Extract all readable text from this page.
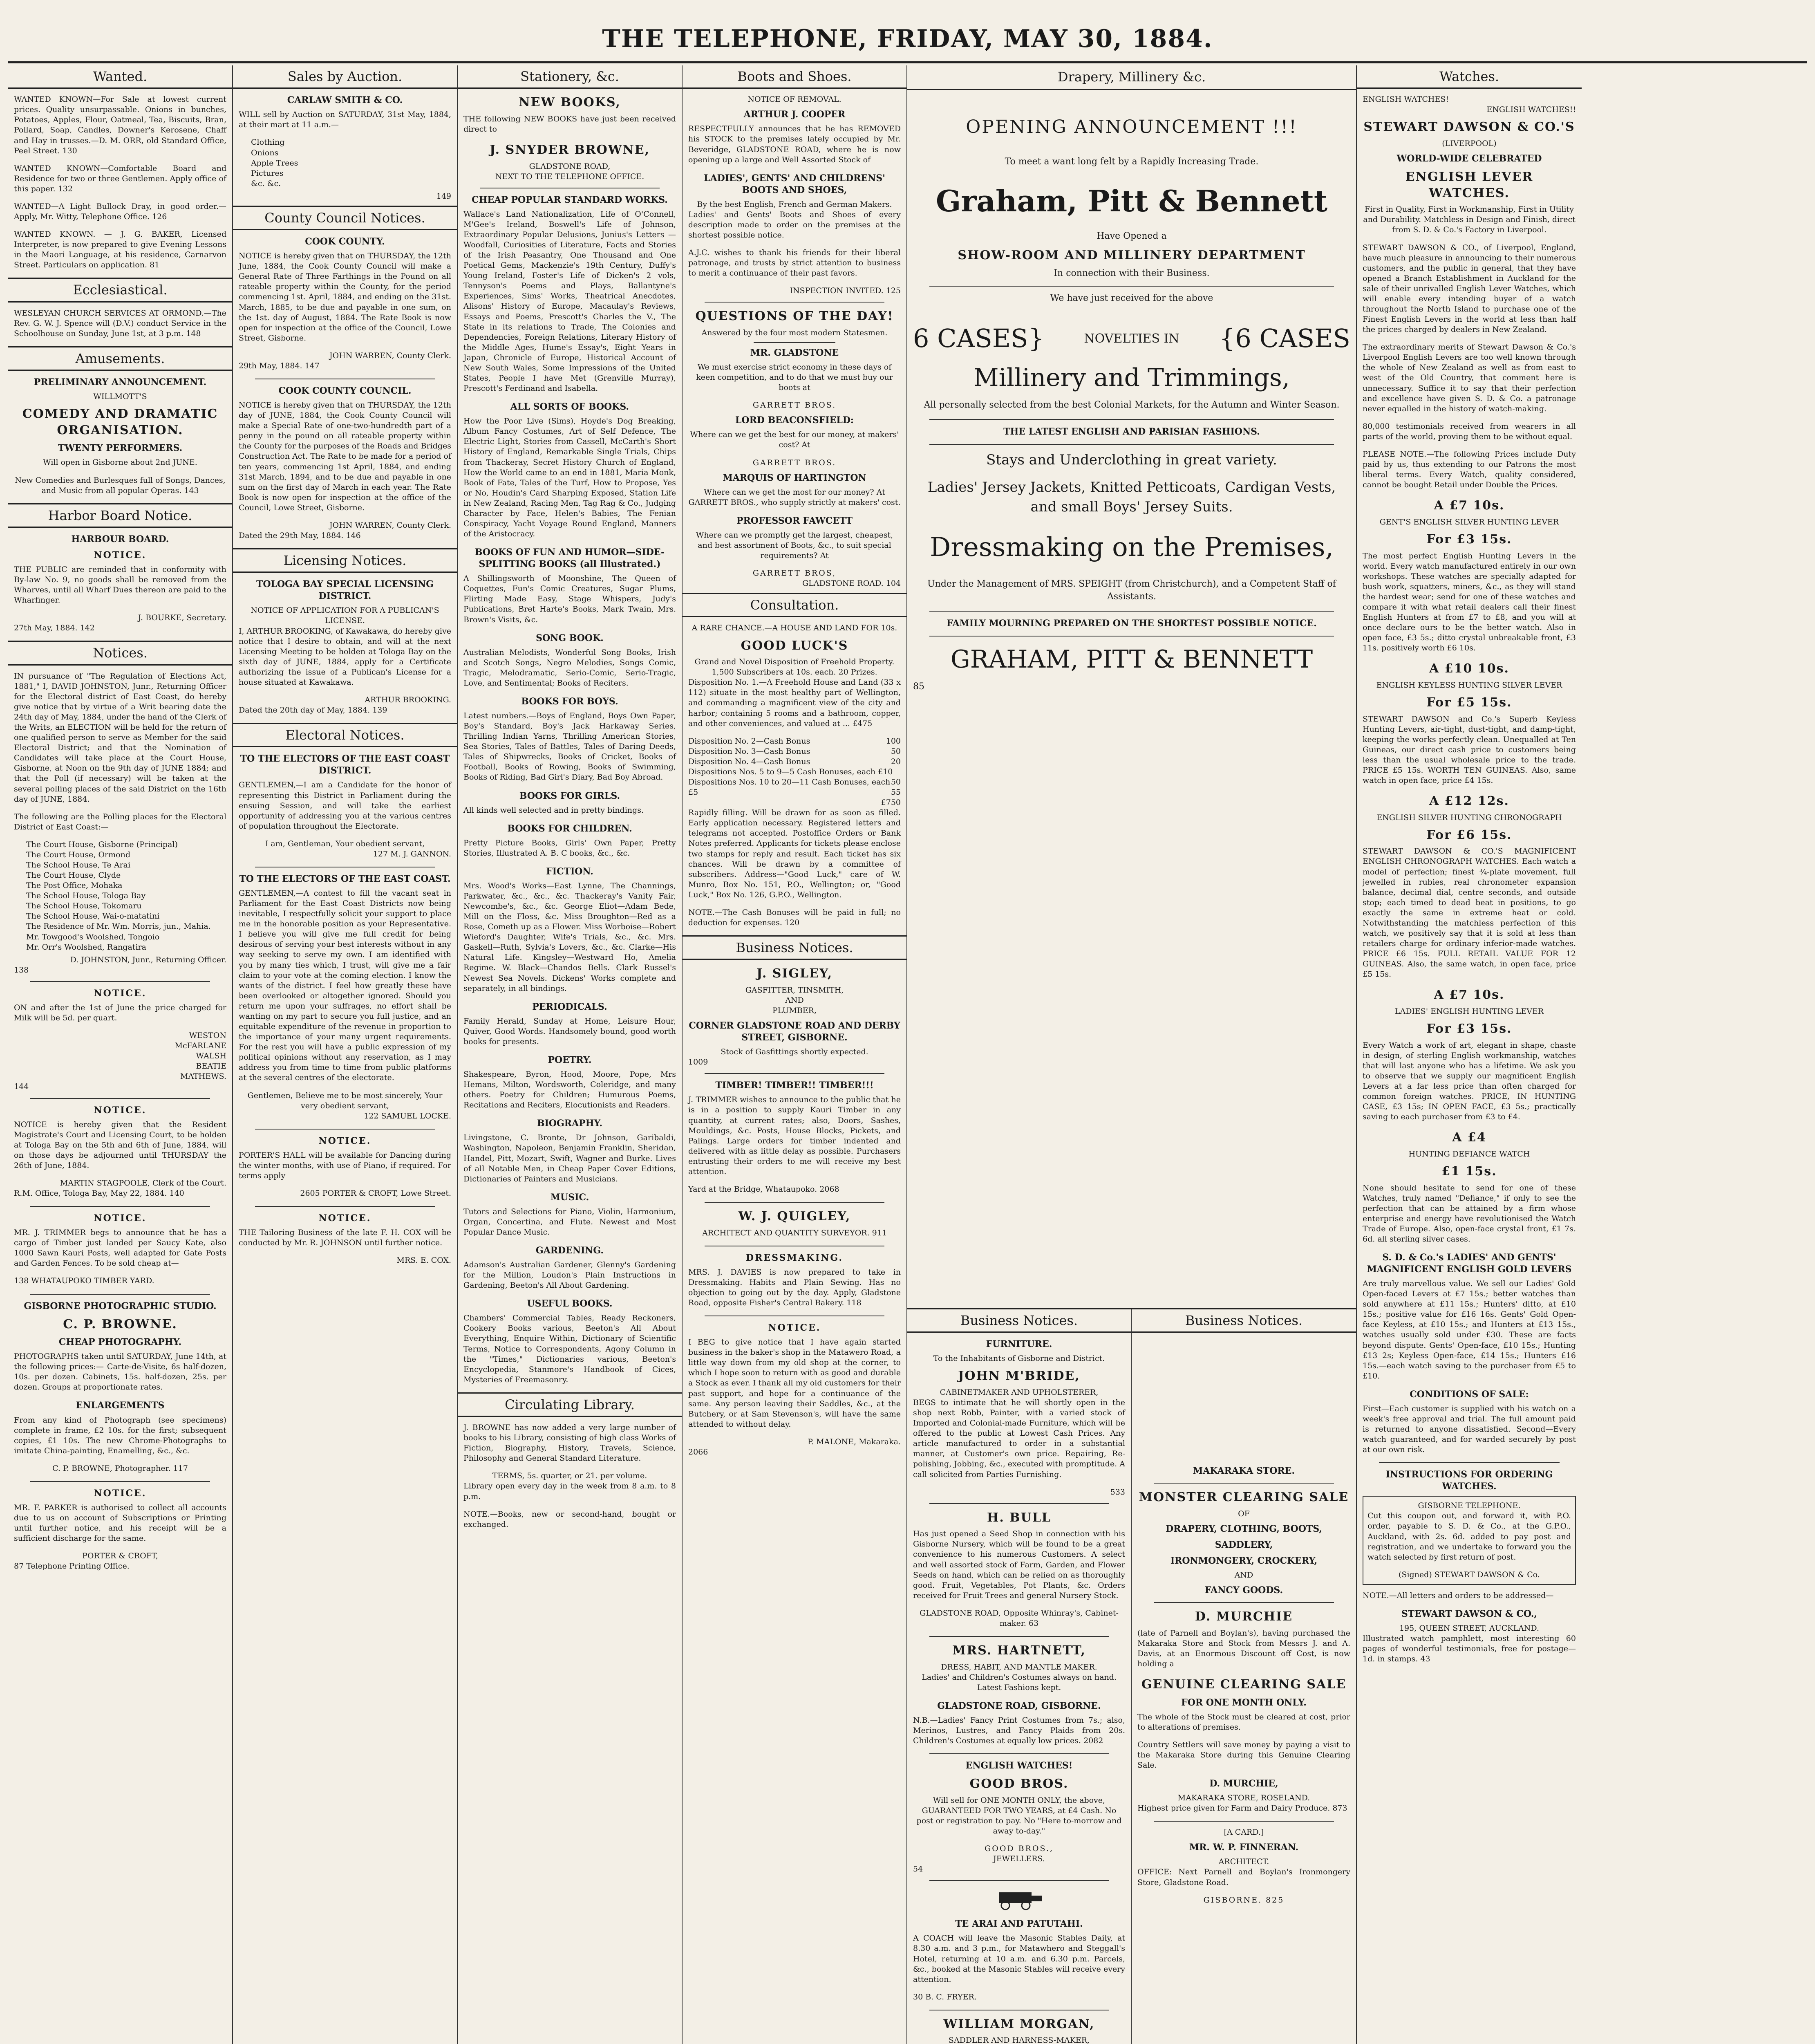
THE TELEPHONE, FRIDAY, MAY 30, 1884.
Wanted.
WANTED KNOWN—For Sale at lowest current prices. Quality unsurpassable. Onions in bunches, Potatoes, Apples, Flour, Oatmeal, Tea, Biscuits, Bran, Pollard, Soap, Candles, Downer's Kerosene, Chaff and Hay in trusses.—D. M. ORR, old Standard Office, Peel Street. 130
WANTED KNOWN—Comfortable Board and Residence for two or three Gentlemen. Apply office of this paper. 132
WANTED—A Light Bullock Dray, in good order.—Apply, Mr. Witty, Telephone Office. 126
WANTED KNOWN. — J. G. BAKER, Licensed Interpreter, is now prepared to give Evening Lessons in the Maori Language, at his residence, Carnarvon Street. Particulars on application. 81
Ecclesiastical.
WESLEYAN CHURCH SERVICES AT ORMOND.—The Rev. G. W. J. Spence will (D.V.) conduct Service in the Schoolhouse on Sunday, June 1st, at 3 p.m. 148
Amusements.
PRELIMINARY ANNOUNCEMENT.
WILLMOTT'S
COMEDY AND DRAMATIC ORGANISATION.
TWENTY PERFORMERS.
Will open in Gisborne about 2nd JUNE.
New Comedies and Burlesques full of Songs, Dances, and Music from all popular Operas. 143
Harbor Board Notice.
HARBOUR BOARD.
NOTICE.
THE PUBLIC are reminded that in conformity with By-law No. 9, no goods shall be removed from the Wharves, until all Wharf Dues thereon are paid to the Wharfinger.
J. BOURKE, Secretary.
27th May, 1884. 142
Notices.
IN pursuance of "The Regulation of Elections Act, 1881," I, DAVID JOHNSTON, Junr., Returning Officer for the Electoral district of East Coast, do hereby give notice that by virtue of a Writ bearing date the 24th day of May, 1884, under the hand of the Clerk of the Writs, an ELECTION will be held for the return of one qualified person to serve as Member for the said Electoral District; and that the Nomination of Candidates will take place at the Court House, Gisborne, at Noon on the 9th day of JUNE 1884; and that the Poll (if necessary) will be taken at the several polling places of the said District on the 16th day of JUNE, 1884.
The following are the Polling places for the Electoral District of East Coast:—
The Court House, Gisborne (Principal)
The Court House, Ormond
The School House, Te Arai
The Court House, Clyde
The Post Office, Mohaka
The School House, Tologa Bay
The School House, Tokomaru
The School House, Wai-o-matatini
The Residence of Mr. Wm. Morris, jun., Mahia.
Mr. Towgood's Woolshed, Tongoio
Mr. Orr's Woolshed, Rangatira
D. JOHNSTON, Junr., Returning Officer.
138
NOTICE.
ON and after the 1st of June the price charged for Milk will be 5d. per quart.
WESTON
McFARLANE
WALSH
BEATIE
MATHEWS.
144
NOTICE.
NOTICE is hereby given that the Resident Magistrate's Court and Licensing Court, to be holden at Tologa Bay on the 5th and 6th of June, 1884, will on those days be adjourned until THURSDAY the 26th of June, 1884.
MARTIN STAGPOOLE, Clerk of the Court.
R.M. Office, Tologa Bay, May 22, 1884. 140
NOTICE.
MR. J. TRIMMER begs to announce that he has a cargo of Timber just landed per Saucy Kate, also 1000 Sawn Kauri Posts, well adapted for Gate Posts and Garden Fences. To be sold cheap at—
138 WHATAUPOKO TIMBER YARD.
GISBORNE PHOTOGRAPHIC STUDIO.
C. P. BROWNE.
CHEAP PHOTOGRAPHY.
PHOTOGRAPHS taken until SATURDAY, June 14th, at the following prices:— Carte-de-Visite, 6s half-dozen, 10s. per dozen. Cabinets, 15s. half-dozen, 25s. per dozen. Groups at proportionate rates.
ENLARGEMENTS
From any kind of Photograph (see specimens) complete in frame, £2 10s. for the first; subsequent copies, £1 10s. The new Chrome-Photographs to imitate China-painting, Enamelling, &c., &c.
C. P. BROWNE, Photographer. 117
NOTICE.
MR. F. PARKER is authorised to collect all accounts due to us on account of Subscriptions or Printing until further notice, and his receipt will be a sufficient discharge for the same.
PORTER & CROFT,
87 Telephone Printing Office.
Sales by Auction.
CARLAW SMITH & CO.
WILL sell by Auction on SATURDAY, 31st May, 1884, at their mart at 11 a.m.—
Clothing
Onions
Apple Trees
Pictures
&c. &c.
149
County Council Notices.
COOK COUNTY.
NOTICE is hereby given that on THURSDAY, the 12th June, 1884, the Cook County Council will make a General Rate of Three Farthings in the Pound on all rateable property within the County, for the period commencing 1st. April, 1884, and ending on the 31st. March, 1885, to be due and payable in one sum, on the 1st. day of August, 1884. The Rate Book is now open for inspection at the office of the Council, Lowe Street, Gisborne.
JOHN WARREN, County Clerk.
29th May, 1884. 147
COOK COUNTY COUNCIL.
NOTICE is hereby given that on THURSDAY, the 12th day of JUNE, 1884, the Cook County Council will make a Special Rate of one-two-hundredth part of a penny in the pound on all rateable property within the County for the purposes of the Roads and Bridges Construction Act. The Rate to be made for a period of ten years, commencing 1st April, 1884, and ending 31st March, 1894, and to be due and payable in one sum on the first day of March in each year. The Rate Book is now open for inspection at the office of the Council, Lowe Street, Gisborne.
JOHN WARREN, County Clerk.
Dated the 29th May, 1884. 146
Licensing Notices.
TOLOGA BAY SPECIAL LICENSING DISTRICT.
NOTICE OF APPLICATION FOR A PUBLICAN'S LICENSE.
I, ARTHUR BROOKING, of Kawakawa, do hereby give notice that I desire to obtain, and will at the next Licensing Meeting to be holden at Tologa Bay on the sixth day of JUNE, 1884, apply for a Certificate authorizing the issue of a Publican's License for a house situated at Kawakawa.
ARTHUR BROOKING.
Dated the 20th day of May, 1884. 139
Electoral Notices.
TO THE ELECTORS OF THE EAST COAST DISTRICT.
GENTLEMEN,—I am a Candidate for the honor of representing this District in Parliament during the ensuing Session, and will take the earliest opportunity of addressing you at the various centres of population throughout the Electorate.
I am, Gentleman, Your obedient servant,
127 M. J. GANNON.
TO THE ELECTORS OF THE EAST COAST.
GENTLEMEN,—A contest to fill the vacant seat in Parliament for the East Coast Districts now being inevitable, I respectfully solicit your support to place me in the honorable position as your Representative. I believe you will give me full credit for being desirous of serving your best interests without in any way seeking to serve my own. I am identified with you by many ties which, I trust, will give me a fair claim to your vote at the coming election. I know the wants of the district. I feel how greatly these have been overlooked or altogether ignored. Should you return me upon your suffrages, no effort shall be wanting on my part to secure you full justice, and an equitable expenditure of the revenue in proportion to the importance of your many urgent requirements. For the rest you will have a public expression of my political opinions without any reservation, as I may address you from time to time from public platforms at the several centres of the electorate.
Gentlemen, Believe me to be most sincerely, Your very obedient servant,
122 SAMUEL LOCKE.
NOTICE.
PORTER'S HALL will be available for Dancing during the winter months, with use of Piano, if required. For terms apply
2605 PORTER & CROFT, Lowe Street.
NOTICE.
THE Tailoring Business of the late F. H. COX will be conducted by Mr. R. JOHNSON until further notice.
MRS. E. COX.
Stationery, &c.
NEW BOOKS,
THE following NEW BOOKS have just been received direct to
J. SNYDER BROWNE,
GLADSTONE ROAD,
NEXT TO THE TELEPHONE OFFICE.
CHEAP POPULAR STANDARD WORKS.
Wallace's Land Nationalization, Life of O'Connell, M'Gee's Ireland, Boswell's Life of Johnson, Extraordinary Popular Delusions, Junius's Letters — Woodfall, Curiosities of Literature, Facts and Stories of the Irish Peasantry, One Thousand and One Poetical Gems, Mackenzie's 19th Century, Duffy's Young Ireland, Foster's Life of Dicken's 2 vols, Tennyson's Poems and Plays, Ballantyne's Experiences, Sims' Works, Theatrical Anecdotes, Alisons' History of Europe, Macaulay's Reviews, Essays and Poems, Prescott's Charles the V., The State in its relations to Trade, The Colonies and Dependencies, Foreign Relations, Literary History of the Middle Ages, Hume's Essay's, Eight Years in Japan, Chronicle of Europe, Historical Account of New South Wales, Some Impressions of the United States, People I have Met (Grenville Murray), Prescott's Ferdinand and Isabella.
ALL SORTS OF BOOKS.
How the Poor Live (Sims), Hoyde's Dog Breaking, Album Fancy Costumes, Art of Self Defence, The Electric Light, Stories from Cassell, McCarth's Short History of England, Remarkable Single Trials, Chips from Thackeray, Secret History Church of England, How the World came to an end in 1881, Maria Monk, Book of Fate, Tales of the Turf, How to Propose, Yes or No, Houdin's Card Sharping Exposed, Station Life in New Zealand, Racing Men, Tag Rag & Co., Judging Character by Face, Helen's Babies, The Fenian Conspiracy, Yacht Voyage Round England, Manners of the Aristocracy.
BOOKS OF FUN AND HUMOR—SIDE-SPLITTING BOOKS (all Illustrated.)
A Shillingsworth of Moonshine, The Queen of Coquettes, Fun's Comic Creatures, Sugar Plums, Flirting Made Easy, Stage Whispers, Judy's Publications, Bret Harte's Books, Mark Twain, Mrs. Brown's Visits, &c.
SONG BOOK.
Australian Melodists, Wonderful Song Books, Irish and Scotch Songs, Negro Melodies, Songs Comic, Tragic, Melodramatic, Serio-Comic, Serio-Tragic, Love, and Sentimental; Books of Reciters.
BOOKS FOR BOYS.
Latest numbers.—Boys of England, Boys Own Paper, Boy's Standard, Boy's Jack Harkaway Series, Thrilling Indian Yarns, Thrilling American Stories, Sea Stories, Tales of Battles, Tales of Daring Deeds, Tales of Shipwrecks, Books of Cricket, Books of Football, Books of Rowing, Books of Swimming, Books of Riding, Bad Girl's Diary, Bad Boy Abroad.
BOOKS FOR GIRLS.
All kinds well selected and in pretty bindings.
BOOKS FOR CHILDREN.
Pretty Picture Books, Girls' Own Paper, Pretty Stories, Illustrated A. B. C books, &c., &c.
FICTION.
Mrs. Wood's Works—East Lynne, The Channings, Parkwater, &c., &c., &c. Thackeray's Vanity Fair, Newcombe's, &c., &c. George Eliot—Adam Bede, Mill on the Floss, &c. Miss Broughton—Red as a Rose, Cometh up as a Flower. Miss Worboise—Robert Wieford's Daughter, Wife's Trials, &c., &c. Mrs. Gaskell—Ruth, Sylvia's Lovers, &c., &c. Clarke—His Natural Life. Kingsley—Westward Ho, Amelia Regime. W. Black—Chandos Bells. Clark Russel's Newest Sea Novels. Dickens' Works complete and separately, in all bindings.
PERIODICALS.
Family Herald, Sunday at Home, Leisure Hour, Quiver, Good Words. Handsomely bound, good worth books for presents.
POETRY.
Shakespeare, Byron, Hood, Moore, Pope, Mrs Hemans, Milton, Wordsworth, Coleridge, and many others. Poetry for Children; Humurous Poems, Recitations and Reciters, Elocutionists and Readers.
BIOGRAPHY.
Livingstone, C. Bronte, Dr Johnson, Garibaldi, Washington, Napoleon, Benjamin Franklin, Sheridan, Handel, Pitt, Mozart, Swift, Wagner and Burke. Lives of all Notable Men, in Cheap Paper Cover Editions, Dictionaries of Painters and Musicians.
MUSIC.
Tutors and Selections for Piano, Violin, Harmonium, Organ, Concertina, and Flute. Newest and Most Popular Dance Music.
GARDENING.
Adamson's Australian Gardener, Glenny's Gardening for the Million, Loudon's Plain Instructions in Gardening, Beeton's All About Gardening.
USEFUL BOOKS.
Chambers' Commercial Tables, Ready Reckoners, Cookery Books various, Beeton's All About Everything, Enquire Within, Dictionary of Scientific Terms, Notice to Correspondents, Agony Column in the "Times," Dictionaries various, Beeton's Encyclopedia, Stanmore's Handbook of Cices, Mysteries of Freemasonry.
Circulating Library.
J. BROWNE has now added a very large number of books to his Library, consisting of high class Works of Fiction, Biography, History, Travels, Science, Philosophy and General Standard Literature.
TERMS, 5s. quarter, or 21. per volume.
Library open every day in the week from 8 a.m. to 8 p.m.
NOTE.—Books, new or second-hand, bought or exchanged.
Boots and Shoes.
NOTICE OF REMOVAL.
ARTHUR J. COOPER
RESPECTFULLY announces that he has REMOVED his STOCK to the premises lately occupied by Mr. Beveridge, GLADSTONE ROAD, where he is now opening up a large and Well Assorted Stock of
LADIES', GENTS' AND CHILDRENS' BOOTS AND SHOES,
By the best English, French and German Makers.
Ladies' and Gents' Boots and Shoes of every description made to order on the premises at the shortest possible notice.
A.J.C. wishes to thank his friends for their liberal patronage, and trusts by strict attention to business to merit a continuance of their past favors.
INSPECTION INVITED. 125
QUESTIONS OF THE DAY!
Answered by the four most modern Statesmen.
MR. GLADSTONE
We must exercise strict economy in these days of keen competition, and to do that we must buy our boots at
GARRETT BROS.
LORD BEACONSFIELD:
Where can we get the best for our money, at makers' cost? At
GARRETT BROS.
MARQUIS OF HARTINGTON
Where can we get the most for our money? At GARRETT BROS., who supply strictly at makers' cost.
PROFESSOR FAWCETT
Where can we promptly get the largest, cheapest, and best assortment of Boots, &c., to suit special requirements? At
GARRETT BROS,
GLADSTONE ROAD. 104
Consultation.
A RARE CHANCE.—A HOUSE AND LAND FOR 10s.
GOOD LUCK'S
Grand and Novel Disposition of Freehold Property.
1,500 Subscribers at 10s. each. 20 Prizes.
Disposition No. 1.—A Freehold House and Land (33 x 112) situate in the most healthy part of Wellington, and commanding a magnificent view of the city and harbor; containing 5 rooms and a bathroom, copper, and other conveniences, and valued at ... £475
Disposition No. 2—Cash Bonus	100
Disposition No. 3—Cash Bonus	50
Disposition No. 4—Cash Bonus	20
Dispositions Nos. 5 to 9—5 Cash Bonuses, each £10
50
Dispositions Nos. 10 to 20—11 Cash Bonuses, each £5	55
£750
Rapidly filling. Will be drawn for as soon as filled. Early application necessary. Registered letters and telegrams not accepted. Postoffice Orders or Bank Notes preferred. Applicants for tickets please enclose two stamps for reply and result. Each ticket has six chances. Will be drawn by a committee of subscribers. Address—"Good Luck," care of W. Munro, Box No. 151, P.O., Wellington; or, "Good Luck," Box No. 126, G.P.O., Wellington.
NOTE.—The Cash Bonuses will be paid in full; no deduction for expenses. 120
Business Notices.
J. SIGLEY,
GASFITTER, TINSMITH,
AND
PLUMBER,
CORNER GLADSTONE ROAD AND DERBY STREET, GISBORNE.
Stock of Gasfittings shortly expected.
1009
TIMBER! TIMBER!! TIMBER!!!
J. TRIMMER wishes to announce to the public that he is in a position to supply Kauri Timber in any quantity, at current rates; also, Doors, Sashes, Mouldings, &c. Posts, House Blocks, Pickets, and Palings. Large orders for timber indented and delivered with as little delay as possible. Purchasers entrusting their orders to me will receive my best attention.
Yard at the Bridge, Whataupoko. 2068
W. J. QUIGLEY,
ARCHITECT AND QUANTITY SURVEYOR. 911
DRESSMAKING.
MRS. J. DAVIES is now prepared to take in Dressmaking. Habits and Plain Sewing. Has no objection to going out by the day. Apply, Gladstone Road, opposite Fisher's Central Bakery. 118
NOTICE.
I BEG to give notice that I have again started business in the baker's shop in the Matawero Road, a little way down from my old shop at the corner, to which I hope soon to return with as good and durable a Stock as ever. I thank all my old customers for their past support, and hope for a continuance of the same. Any person leaving their Saddles, &c., at the Butchery, or at Sam Stevenson's, will have the same attended to without delay.
P. MALONE, Makaraka.
2066
Drapery, Millinery &c.
OPENING ANNOUNCEMENT !!!
To meet a want long felt by a Rapidly Increasing Trade.
Graham, Pitt & Bennett
Have Opened a
SHOW-ROOM AND MILLINERY DEPARTMENT
In connection with their Business.
We have just received for the above
6 CASES}	NOVELTIES IN {6 CASES
Millinery and Trimmings,
All personally selected from the best Colonial Markets, for the Autumn and Winter Season.
THE LATEST ENGLISH AND PARISIAN FASHIONS.
Stays and Underclothing in great variety.
Ladies' Jersey Jackets, Knitted Petticoats, Cardigan Vests, and small Boys' Jersey Suits.
Dressmaking on the Premises,
Under the Management of MRS. SPEIGHT (from Christchurch), and a Competent Staff of Assistants.
FAMILY MOURNING PREPARED ON THE SHORTEST POSSIBLE NOTICE.
GRAHAM, PITT & BENNETT
85
Business Notices.
FURNITURE.
To the Inhabitants of Gisborne and District.
JOHN M'BRIDE,
CABINETMAKER AND UPHOLSTERER,
BEGS to intimate that he will shortly open in the shop next Robb, Painter, with a varied stock of Imported and Colonial-made Furniture, which will be offered to the public at Lowest Cash Prices. Any article manufactured to order in a substantial manner, at Customer's own price. Repairing, Re-polishing, Jobbing, &c., executed with promptitude. A call solicited from Parties Furnishing.
533
H. BULL
Has just opened a Seed Shop in connection with his Gisborne Nursery, which will be found to be a great convenience to his numerous Customers. A select and well assorted stock of Farm, Garden, and Flower Seeds on hand, which can be relied on as thoroughly good. Fruit, Vegetables, Pot Plants, &c. Orders received for Fruit Trees and general Nursery Stock.
GLADSTONE ROAD, Opposite Whinray's, Cabinet-maker. 63
MRS. HARTNETT,
DRESS, HABIT, AND MANTLE MAKER.
Ladies' and Children's Costumes always on hand. Latest Fashions kept.
GLADSTONE ROAD, GISBORNE.
N.B.—Ladies' Fancy Print Costumes from 7s.; also, Merinos, Lustres, and Fancy Plaids from 20s. Children's Costumes at equally low prices. 2082
ENGLISH WATCHES!
GOOD BROS.
Will sell for ONE MONTH ONLY, the above, GUARANTEED FOR TWO YEARS, at £4 Cash. No post or registration to pay. No "Here to-morrow and away to-day."
GOOD BROS.,
JEWELLERS.
54
TE ARAI AND PATUTAHI.
A COACH will leave the Masonic Stables Daily, at 8.30 a.m. and 3 p.m., for Matawhero and Steggall's Hotel, returning at 10 a.m. and 6.30 p.m. Parcels, &c., booked at the Masonic Stables will receive every attention.
30 B. C. FRYER.
WILLIAM MORGAN,
SADDLER AND HARNESS-MAKER,
Business Notices.
MAKARAKA STORE.
MONSTER CLEARING SALE
OF
DRAPERY, CLOTHING, BOOTS,
SADDLERY,
IRONMONGERY, CROCKERY,
AND
FANCY GOODS.
D. MURCHIE
(late of Parnell and Boylan's), having purchased the Makaraka Store and Stock from Messrs J. and A. Davis, at an Enormous Discount off Cost, is now holding a
GENUINE CLEARING SALE
FOR ONE MONTH ONLY.
The whole of the Stock must be cleared at cost, prior to alterations of premises.
Country Settlers will save money by paying a visit to the Makaraka Store during this Genuine Clearing Sale.
D. MURCHIE,
MAKARAKA STORE, ROSELAND.
Highest price given for Farm and Dairy Produce. 873
[A CARD.]
MR. W. P. FINNERAN.
ARCHITECT.
OFFICE: Next Parnell and Boylan's Ironmongery Store, Gladstone Road.
GISBORNE. 825
Watches.
ENGLISH WATCHES!
ENGLISH WATCHES!!
STEWART DAWSON & CO.'S
(LIVERPOOL)
WORLD-WIDE CELEBRATED
ENGLISH LEVER WATCHES.
First in Quality, First in Workmanship, First in Utility and Durability. Matchless in Design and Finish, direct from S. D. & Co.'s Factory in Liverpool.
STEWART DAWSON & CO., of Liverpool, England, have much pleasure in announcing to their numerous customers, and the public in general, that they have opened a Branch Establishment in Auckland for the sale of their unrivalled English Lever Watches, which will enable every intending buyer of a watch throughout the North Island to purchase one of the Finest English Levers in the world at less than half the prices charged by dealers in New Zealand.
The extraordinary merits of Stewart Dawson & Co.'s Liverpool English Levers are too well known through the whole of New Zealand as well as from east to west of the Old Country, that comment here is unnecessary. Suffice it to say that their perfection and excellence have given S. D. & Co. a patronage never equalled in the history of watch-making.
80,000 testimonials received from wearers in all parts of the world, proving them to be without equal.
PLEASE NOTE.—The following Prices include Duty paid by us, thus extending to our Patrons the most liberal terms. Every Watch, quality considered, cannot be bought Retail under Double the Prices.
A £7 10s.
GENT'S ENGLISH SILVER HUNTING LEVER
For £3 15s.
The most perfect English Hunting Levers in the world. Every watch manufactured entirely in our own workshops. These watches are specially adapted for bush work, squatters, miners, &c., as they will stand the hardest wear; send for one of these watches and compare it with what retail dealers call their finest English Hunters at from £7 to £8, and you will at once declare ours to be the better watch. Also in open face, £3 5s.; ditto crystal unbreakable front, £3 11s. positively worth £6 10s.
A £10 10s.
ENGLISH KEYLESS HUNTING SILVER LEVER
For £5 15s.
STEWART DAWSON and Co.'s Superb Keyless Hunting Levers, air-tight, dust-tight, and damp-tight, keeping the works perfectly clean. Unequalled at Ten Guineas, our direct cash price to customers being less than the usual wholesale price to the trade. PRICE £5 15s. WORTH TEN GUINEAS. Also, same watch in open face, price £4 15s.
A £12 12s.
ENGLISH SILVER HUNTING CHRONOGRAPH
For £6 15s.
STEWART DAWSON & CO.'S MAGNIFICENT ENGLISH CHRONOGRAPH WATCHES. Each watch a model of perfection; finest ¾-plate movement, full jewelled in rubies, real chronometer expansion balance, decimal dial, centre seconds, and outside stop; each timed to dead beat in positions, to go exactly the same in extreme heat or cold. Notwithstanding the matchless perfection of this watch, we positively say that it is sold at less than retailers charge for ordinary inferior-made watches. PRICE £6 15s. FULL RETAIL VALUE FOR 12 GUINEAS. Also, the same watch, in open face, price £5 15s.
A £7 10s.
LADIES' ENGLISH HUNTING LEVER
For £3 15s.
Every Watch a work of art, elegant in shape, chaste in design, of sterling English workmanship, watches that will last anyone who has a lifetime. We ask you to observe that we supply our magnificent English Levers at a far less price than often charged for common foreign watches. PRICE, IN HUNTING CASE, £3 15s; IN OPEN FACE, £3 5s.; practically saving to each purchaser from £3 to £4.
A £4
HUNTING DEFIANCE WATCH
£1 15s.
None should hesitate to send for one of these Watches, truly named "Defiance," if only to see the perfection that can be attained by a firm whose enterprise and energy have revolutionised the Watch Trade of Europe. Also, open-face crystal front, £1 7s. 6d. all sterling silver cases.
S. D. & Co.'s LADIES' AND GENTS' MAGNIFICENT ENGLISH GOLD LEVERS
Are truly marvellous value. We sell our Ladies' Gold Open-faced Levers at £7 15s.; better watches than sold anywhere at £11 15s.; Hunters' ditto, at £10 15s.; positive value for £16 16s. Gents' Gold Open-face Keyless, at £10 15s.; and Hunters at £13 15s., watches usually sold under £30. These are facts beyond dispute. Gents' Open-face, £10 15s.; Hunting £13 2s; Keyless Open-face, £14 15s.; Hunters £16 15s.—each watch saving to the purchaser from £5 to £10.
CONDITIONS OF SALE:
First—Each customer is supplied with his watch on a week's free approval and trial. The full amount paid is returned to anyone dissatisfied. Second—Every watch guaranteed, and for warded securely by post at our own risk.
INSTRUCTIONS FOR ORDERING WATCHES.
GISBORNE TELEPHONE.
Cut this coupon out, and forward it, with P.O. order, payable to S. D. & Co., at the G.P.O., Auckland, with 2s. 6d. added to pay post and registration, and we undertake to forward you the watch selected by first return of post.
(Signed) STEWART DAWSON & Co.
NOTE.—All letters and orders to be addressed—
STEWART DAWSON & CO.,
195, QUEEN STREET, AUCKLAND.
Illustrated watch pamphlett, most interesting 60 pages of wonderful testimonials, free for postage—1d. in stamps. 43
